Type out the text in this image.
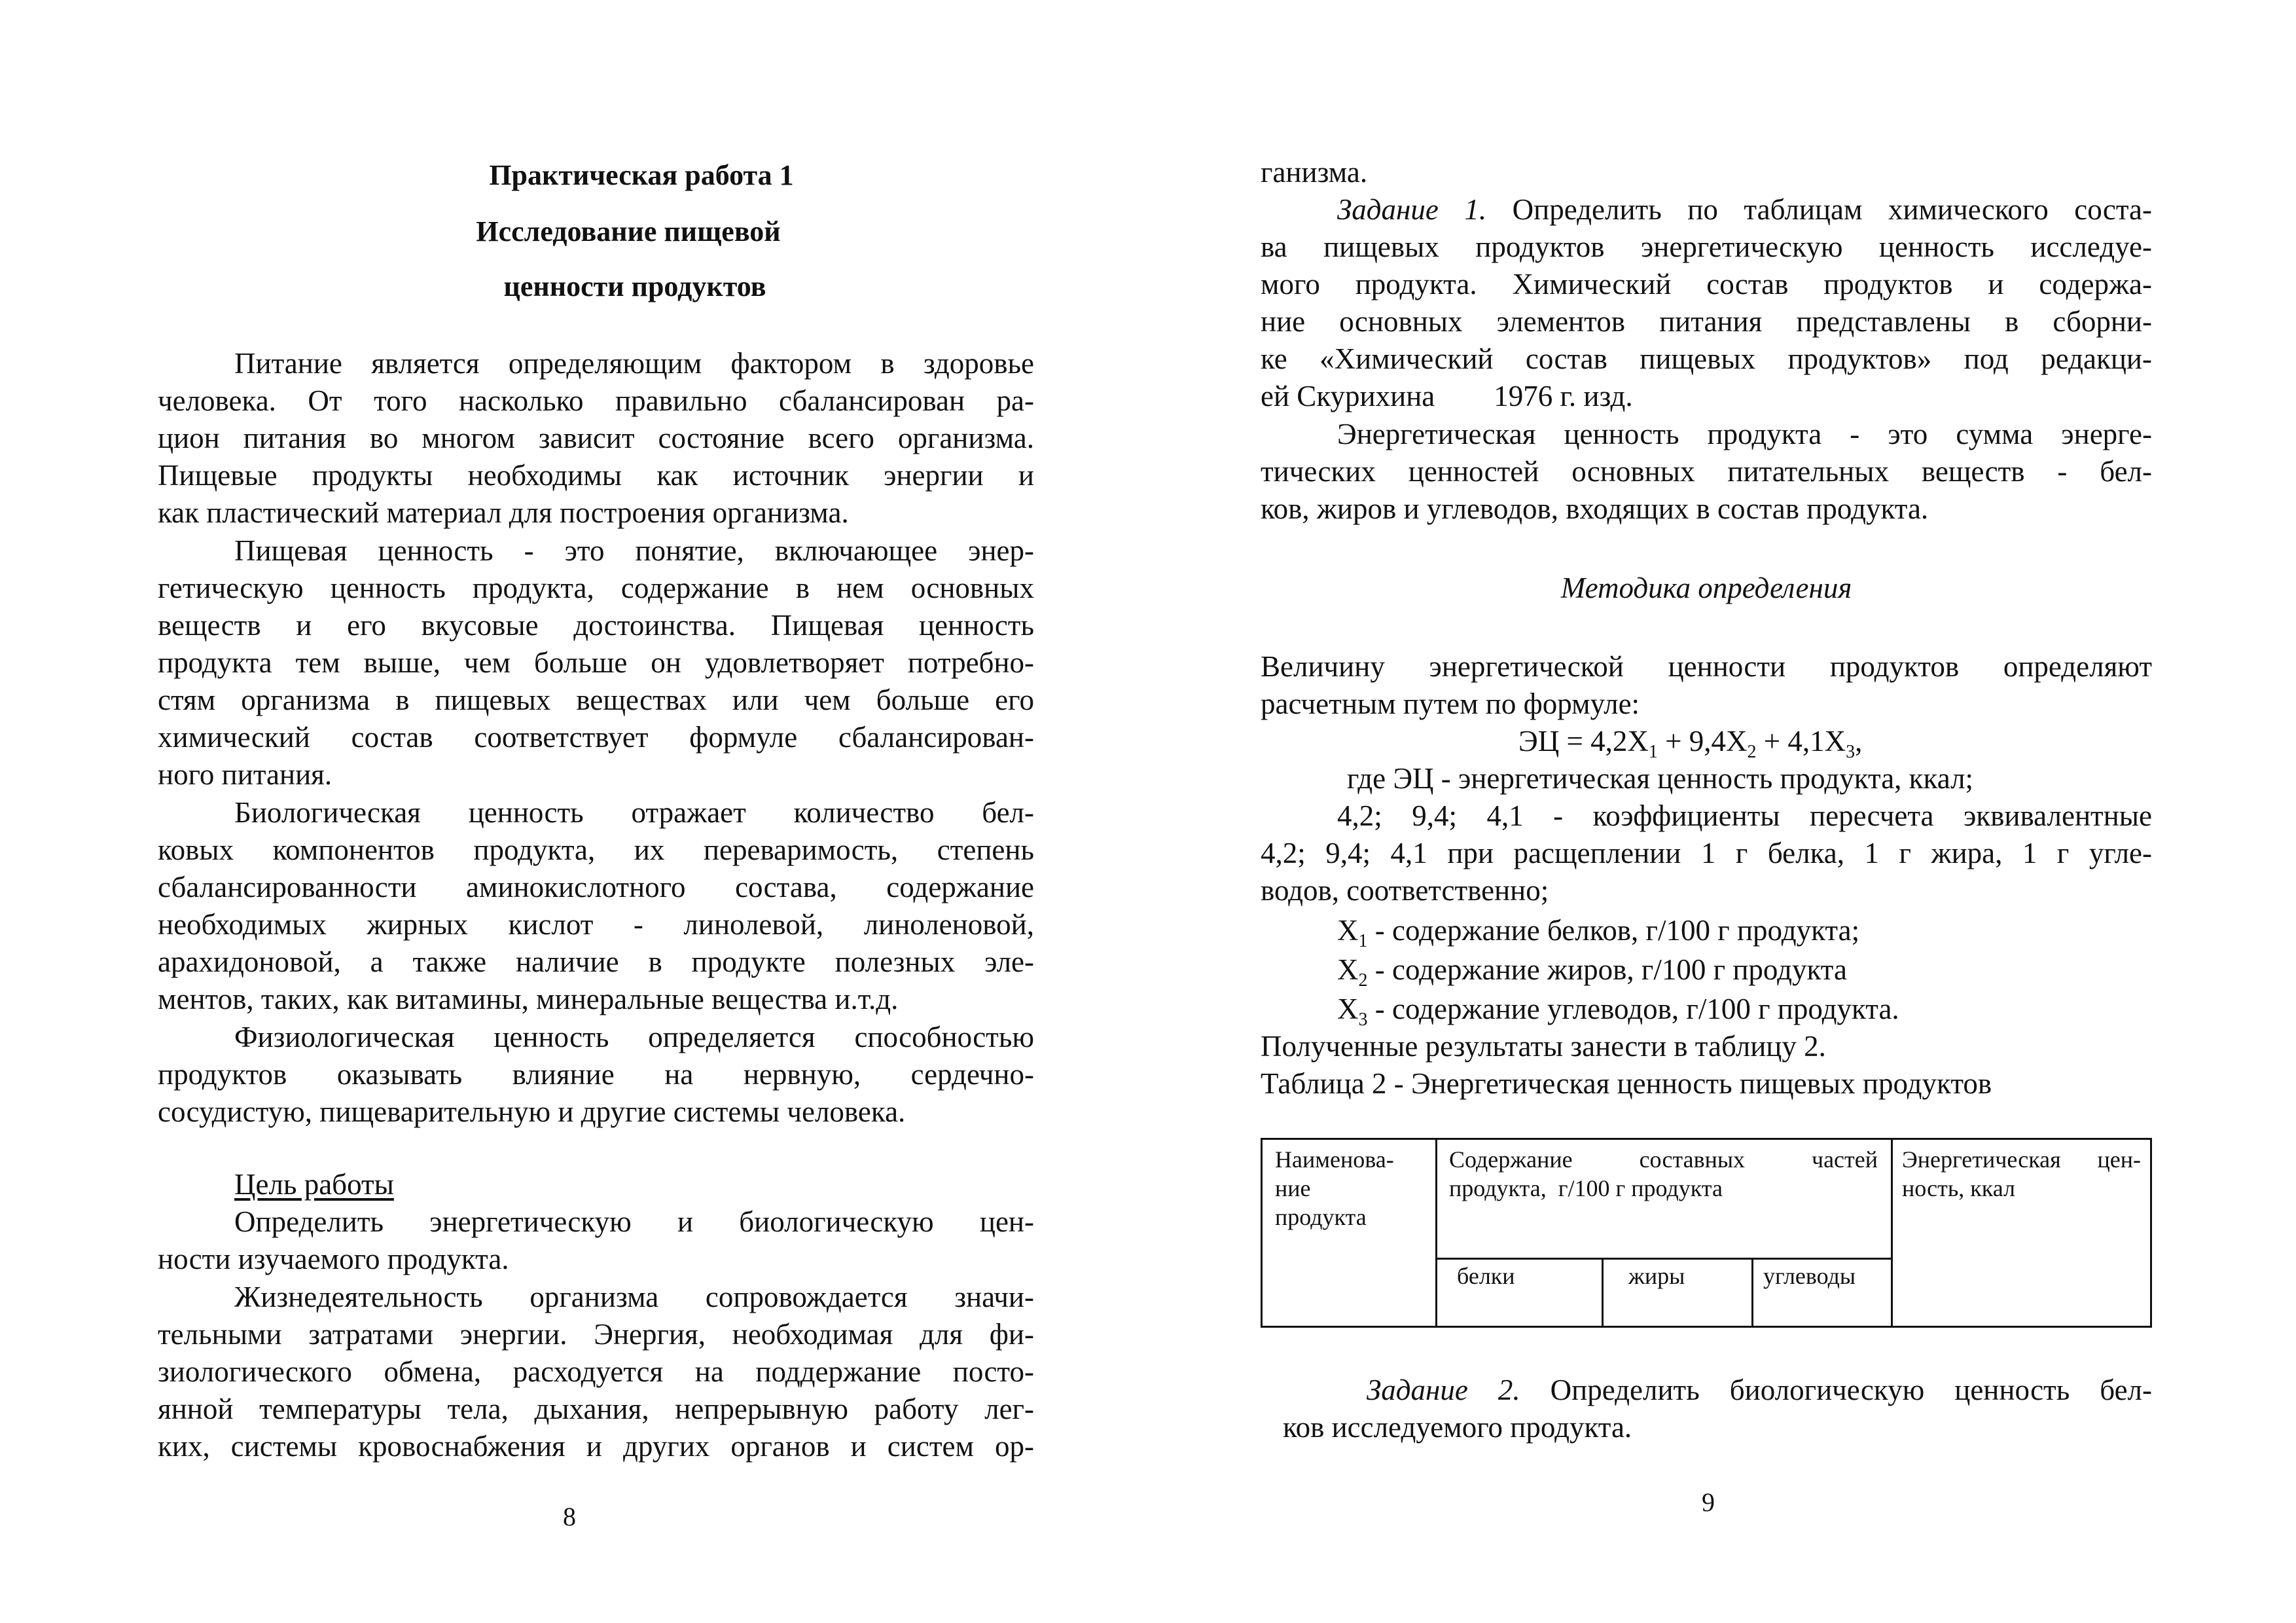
Практическая работа 1

Исследование пищевой

ценности продуктов

Питание является определяющим фактором в здоровье

человека. От того насколько правильно сбалансирован ра-

цион питания во многом зависит состояние всего организма.

Пищевые продукты необходимы как источник энергии и

как пластический материал для построения организма.

Пищевая ценность - это понятие, включающее энер-

гетическую ценность продукта, содержание в нем основных

веществ и его вкусовые достоинства. Пищевая ценность

продукта тем выше, чем больше он удовлетворяет потребно-

стям организма в пищевых веществах или чем больше его

химический состав соответствует формуле сбалансирован-

ного питания.

Биологическая ценность отражает количество бел-

ковых компонентов продукта, их переваримость, степень

сбалансированности аминокислотного состава, содержание

необходимых жирных кислот - линолевой, линоленовой,

арахидоновой, а также наличие в продукте полезных эле-

ментов, таких, как витамины, минеральные вещества и.т.д.

Физиологическая ценность определяется способностью

продуктов оказывать влияние на нервную, сердечно-

сосудистую, пищеварительную и другие системы человека.

Цель работы

Определить энергетическую и биологическую цен-

ности изучаемого продукта.

Жизнедеятельность организма сопровождается значи-

тельными затратами энергии. Энергия, необходимая для фи-

зиологического обмена, расходуется на поддержание посто-

янной температуры тела, дыхания, непрерывную работу лег-

ких, системы кровоснабжения и других органов и систем ор-

8

ганизма.

Задание 1. Определить по таблицам химического соста-

ва пищевых продуктов энергетическую ценность исследуе-

мого продукта. Химический состав продуктов и содержа-

ние основных элементов питания представлены в сборни-

ке «Химический состав пищевых продуктов» под редакци-

ей Скурихина        1976 г. изд.

Энергетическая ценность продукта - это сумма энерге-

тических ценностей основных питательных веществ - бел-

ков, жиров и углеводов, входящих в состав продукта.

Методика определения

Величину энергетической ценности продуктов определяют

расчетным путем по формуле:

ЭЦ = $4,2Х_1 + 9,4Х_2 + 4,1Х_3$,

где ЭЦ - энергетическая ценность продукта, ккал;

4,2; 9,4; 4,1 - коэффициенты пересчета эквивалентные

4,2; 9,4; 4,1 при расщеплении 1 г белка, 1 г жира, 1 г угле-

водов, соответственно;

$Х_1$ - содержание белков, г/100 г продукта;

$Х_2$ - содержание жиров, г/100 г продукта

$Х_3$ - содержание углеводов, г/100 г продукта.

Полученные результаты занести в таблицу 2.

Таблица 2 - Энергетическая ценность пищевых продуктов

Наименова-

ние

продукта

Содержание   составных   частей

продукта,  г/100 г продукта

Энергетическая  цен-

ность, ккал

белки	жиры	углеводы

Задание 2. Определить биологическую ценность бел-

ков исследуемого продукта.

9
